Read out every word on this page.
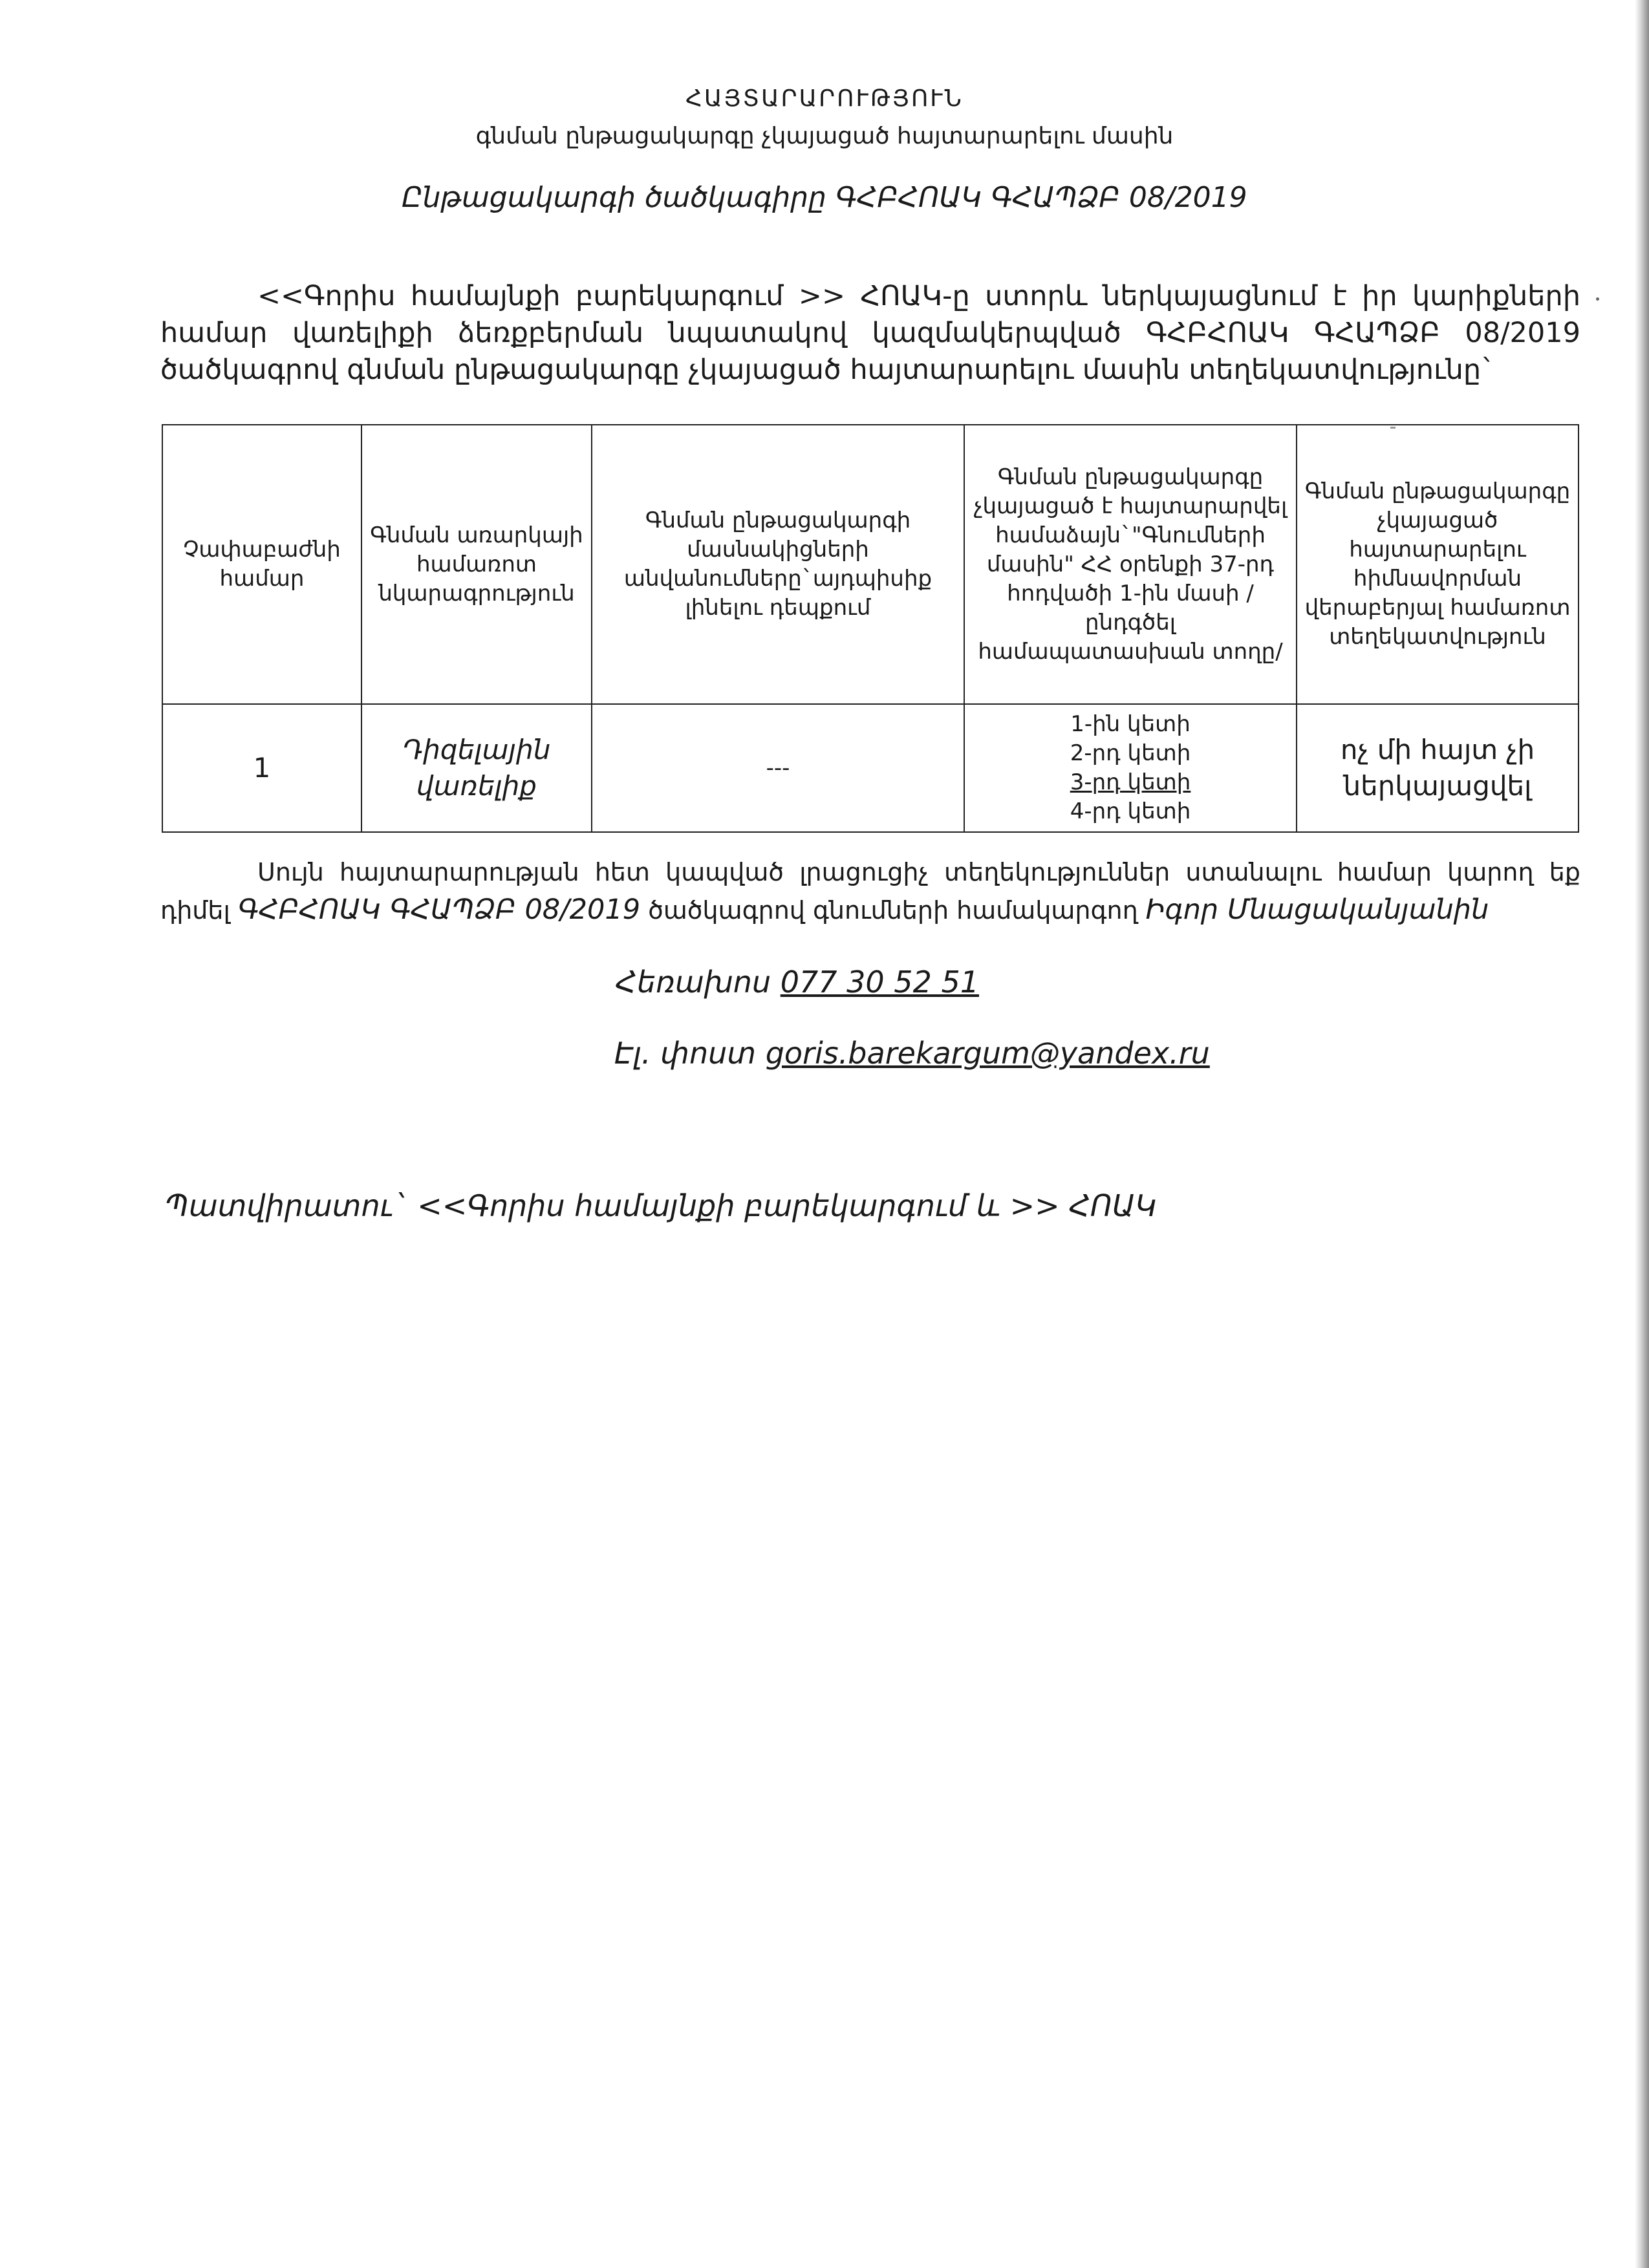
ՀԱՅՏԱՐԱՐՈՒԹՅՈՒՆ
գնման ընթացակարգը չկայացած հայտարարելու մասին
Ընթացակարգի ծածկագիրը ԳՀԲՀՈԱԿ ԳՀԱՊՁԲ 08/2019
<<Գորիս համայնքի բարեկարգում >> ՀՈԱԿ-ը ստորև ներկայացնում է իր կարիքների համար վառելիքի ձեռքբերման նպատակով կազմակերպված ԳՀԲՀՈԱԿ ԳՀԱՊՁԲ 08/2019 ծածկագրով գնման ընթացակարգը չկայացած հայտարարելու մասին տեղեկատվությունը`
Չափաբաժնի համար	Գնման առարկայի համառոտ նկարագրություն	Գնման ընթացակարգի մասնակիցների անվանումները`այդպիսիք լինելու դեպքում	Գնման ընթացակարգը չկայացած է հայտարարվել համաձայն`"Գնումների մասին" ՀՀ օրենքի 37-րդ հոդվածի 1-ին մասի /ընդգծել համապատասխան տողը/	Գնման ընթացակարգը չկայացած հայտարարելու հիմնավորման վերաբերյալ համառոտ տեղեկատվություն
1	Դիզելային վառելիք	---	1-ին կետի
2-րդ կետի
3-րդ կետի
4-րդ կետի	ոչ մի հայտ չի ներկայացվել
Սույն հայտարարության հետ կապված լրացուցիչ տեղեկություններ ստանալու համար կարող եք դիմել ԳՀԲՀՈԱԿ ԳՀԱՊՁԲ 08/2019 ծածկագրով գնումների համակարգող Իգոր Մնացականյանին
Հեռախոս 077 30 52 51
Էլ. փոստ goris.barekargum@yandex.ru
Պատվիրատու` <<Գորիս համայնքի բարեկարգում և >> ՀՈԱԿ
